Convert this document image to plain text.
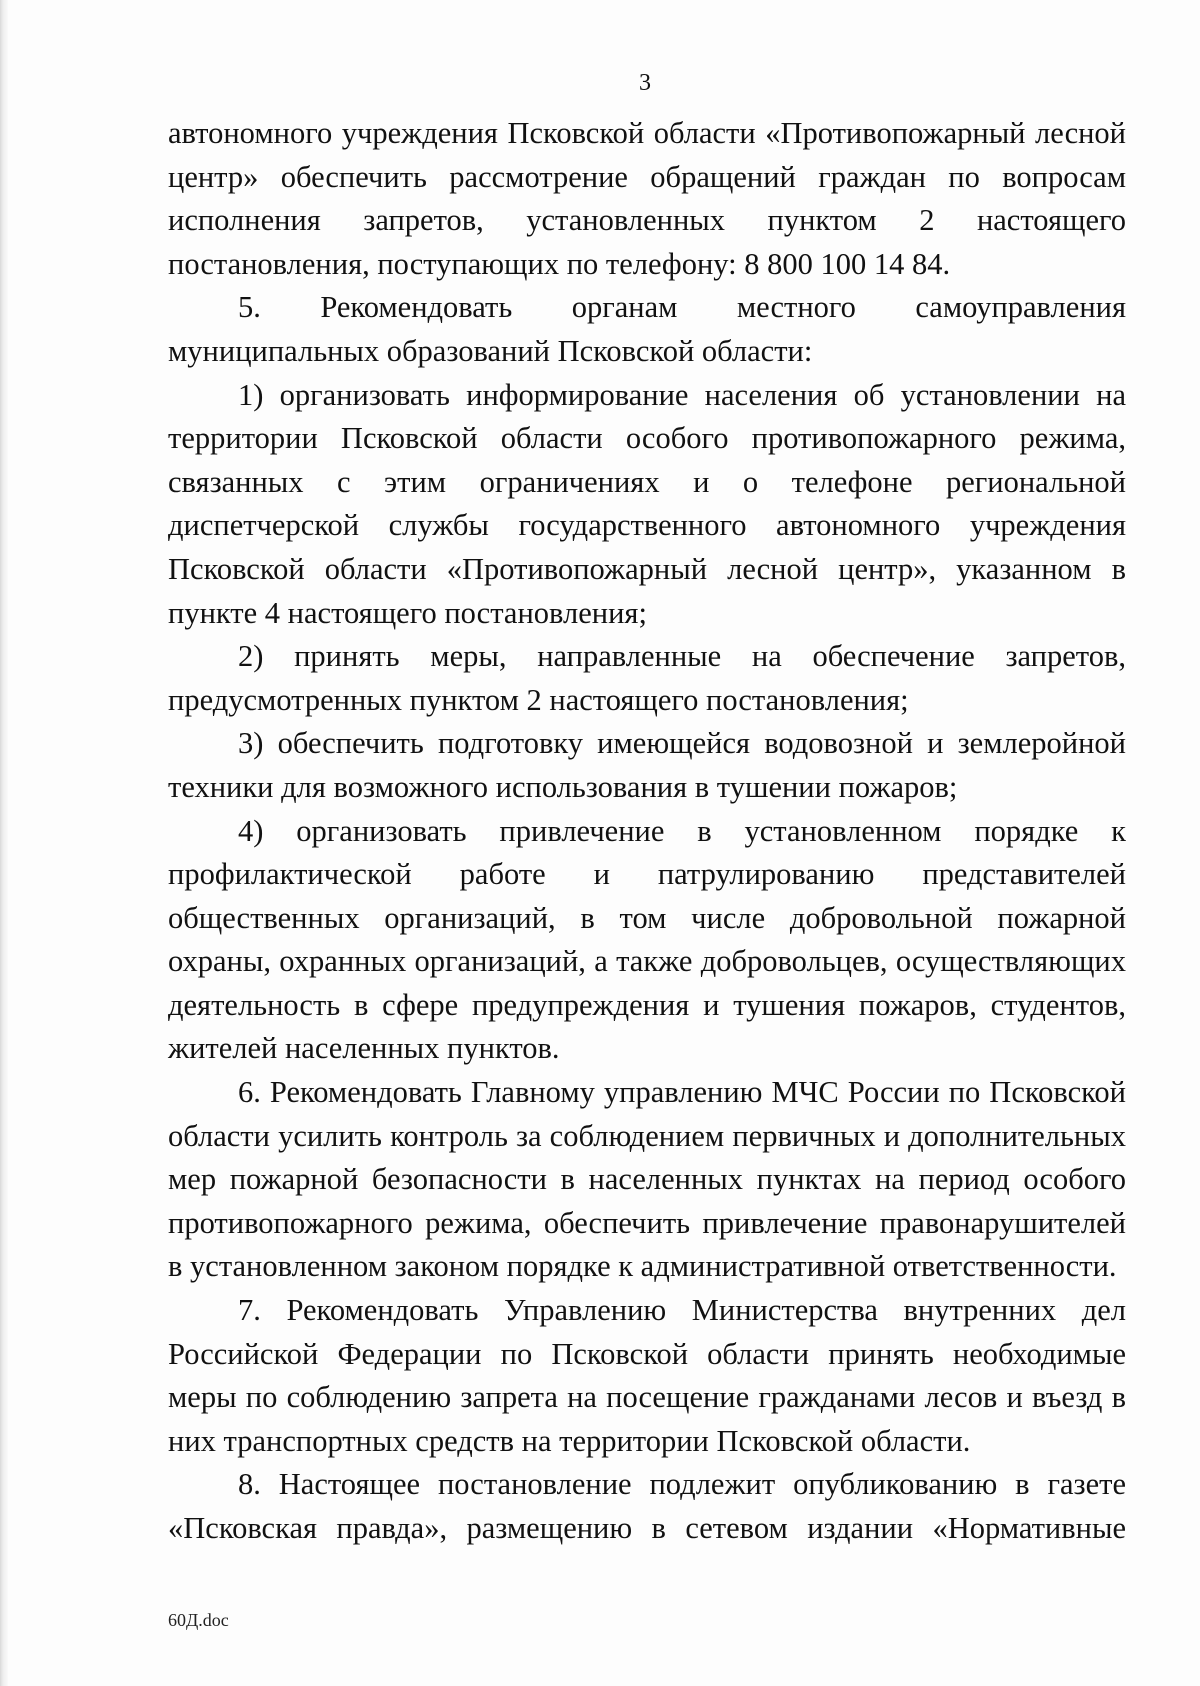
3

автономного учреждения Псковской области «Противопожарный лесной центр» обеспечить рассмотрение обращений граждан по вопросам исполнения запретов, установленных пунктом 2 настоящего постановления, поступающих по телефону: 8 800 100 14 84.

5. Рекомендовать органам местного самоуправления муниципальных образований Псковской области:

1) организовать информирование населения об установлении на территории Псковской области особого противопожарного режима, связанных с этим ограничениях и о телефоне региональной диспетчерской службы государственного автономного учреждения Псковской области «Противопожарный лесной центр», указанном в пункте 4 настоящего постановления;

2) принять меры, направленные на обеспечение запретов, предусмотренных пунктом 2 настоящего постановления;

3) обеспечить подготовку имеющейся водовозной и землеройной техники для возможного использования в тушении пожаров;

4) организовать привлечение в установленном порядке к профилактической работе и патрулированию представителей общественных организаций, в том числе добровольной пожарной охраны, охранных организаций, а также добровольцев, осуществляющих деятельность в сфере предупреждения и тушения пожаров, студентов, жителей населенных пунктов.

6. Рекомендовать Главному управлению МЧС России по Псковской области усилить контроль за соблюдением первичных и дополнительных мер пожарной безопасности в населенных пунктах на период особого противопожарного режима, обеспечить привлечение правонарушителей в установленном законом порядке к административной ответственности.

7. Рекомендовать Управлению Министерства внутренних дел Российской Федерации по Псковской области принять необходимые меры по соблюдению запрета на посещение гражданами лесов и въезд в них транспортных средств на территории Псковской области.

8. Настоящее постановление подлежит опубликованию в газете «Псковская правда», размещению в сетевом издании «Нормативные

60Д.doc
